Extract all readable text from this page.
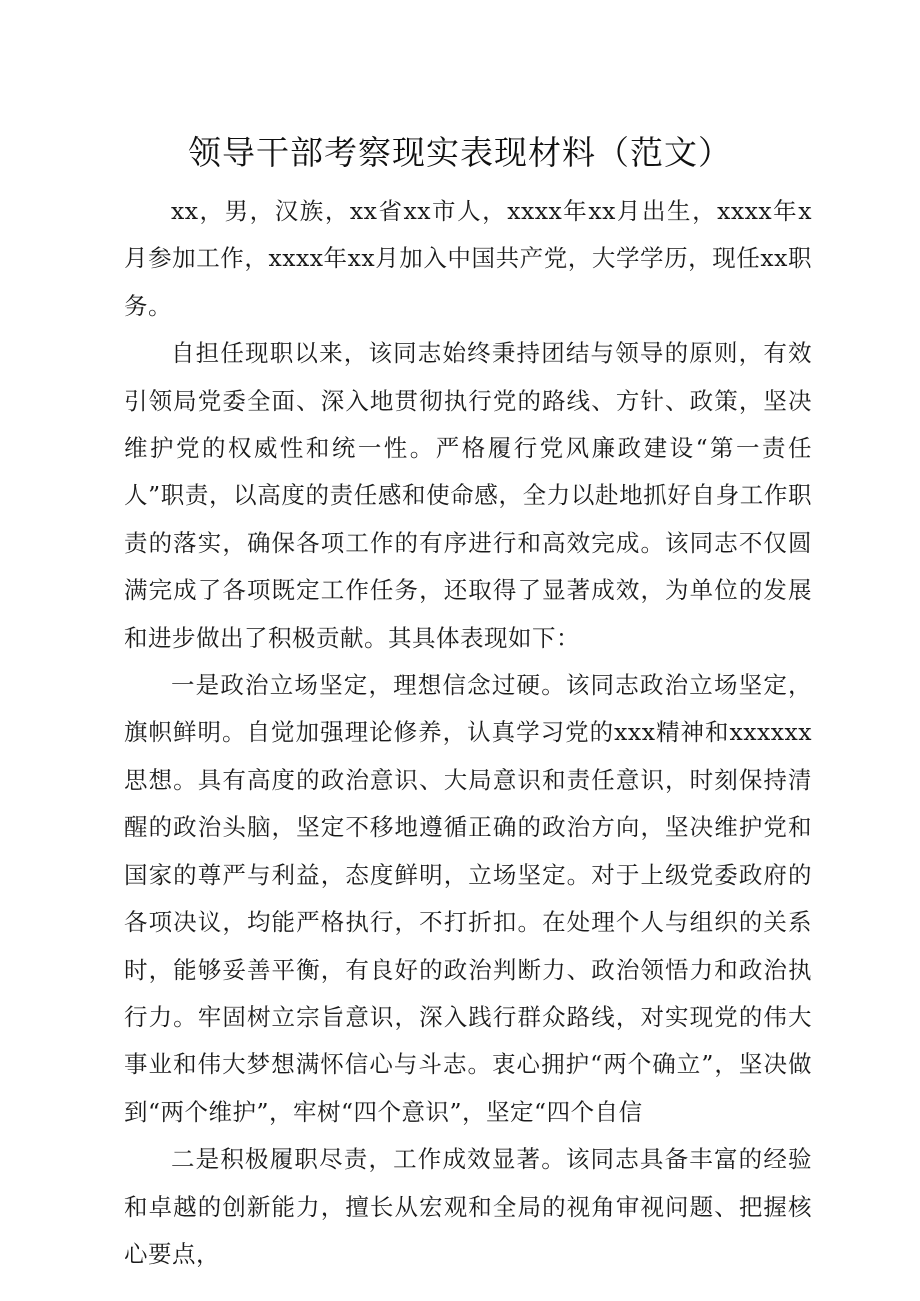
领导干部考察现实表现材料（范文）

xx，男，汉族，xx省xx市人，xxxx年xx月出生，xxxx年x月参加工作，xxxx年xx月加入中国共产党，大学学历，现任xx职务。

自担任现职以来，该同志始终秉持团结与领导的原则，有效引领局党委全面、深入地贯彻执行党的路线、方针、政策，坚决维护党的权威性和统一性。严格履行党风廉政建设“第一责任人”职责，以高度的责任感和使命感，全力以赴地抓好自身工作职责的落实，确保各项工作的有序进行和高效完成。该同志不仅圆满完成了各项既定工作任务，还取得了显著成效，为单位的发展和进步做出了积极贡献。其具体表现如下：

一是政治立场坚定，理想信念过硬。该同志政治立场坚定，旗帜鲜明。自觉加强理论修养，认真学习党的xxx精神和xxxxxx思想。具有高度的政治意识、大局意识和责任意识，时刻保持清醒的政治头脑，坚定不移地遵循正确的政治方向，坚决维护党和国家的尊严与利益，态度鲜明，立场坚定。对于上级党委政府的各项决议，均能严格执行，不打折扣。在处理个人与组织的关系时，能够妥善平衡，有良好的政治判断力、政治领悟力和政治执行力。牢固树立宗旨意识，深入践行群众路线，对实现党的伟大事业和伟大梦想满怀信心与斗志。衷心拥护“两个确立”，坚决做到“两个维护”，牢树“四个意识”，坚定“四个自信

二是积极履职尽责，工作成效显著。该同志具备丰富的经验和卓越的创新能力，擅长从宏观和全局的视角审视问题、把握核心要点，
